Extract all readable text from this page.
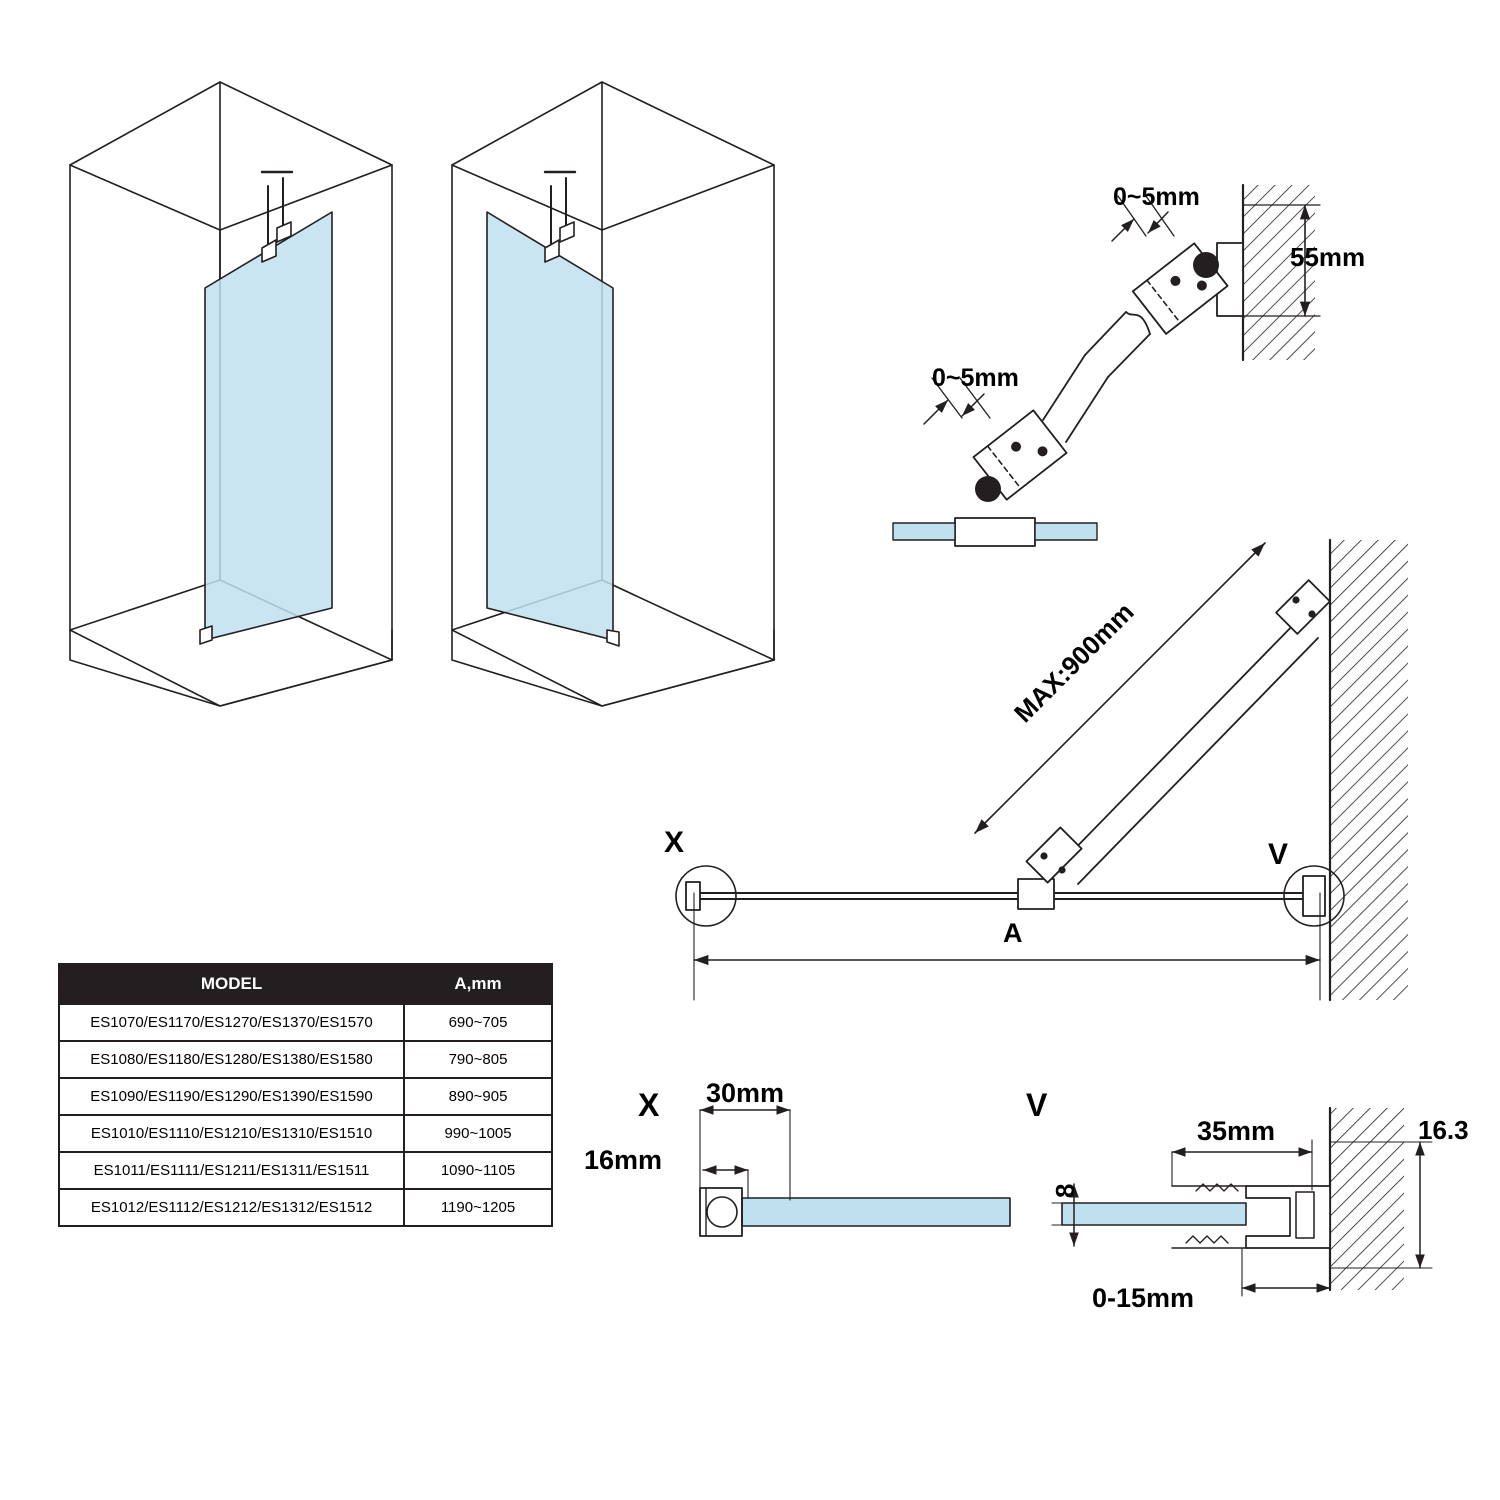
0~5mm
0~5mm
55mm
MAX:900mm
A
X	V
X 30mm
16mm
V
35mm
8
16.3
0-15mm
MODEL	A,mm
ES1070/ES1170/ES1270/ES1370/ES1570	690~705
ES1080/ES1180/ES1280/ES1380/ES1580	790~805
ES1090/ES1190/ES1290/ES1390/ES1590	890~905
ES1010/ES1110/ES1210/ES1310/ES1510	990~1005
ES1011/ES1111/ES1211/ES1311/ES1511	1090~1105
ES1012/ES1112/ES1212/ES1312/ES1512	1190~1205
